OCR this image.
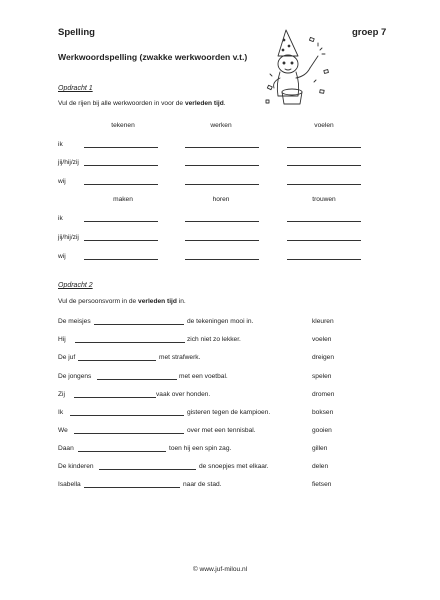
Spelling	groep 7
Werkwoordspelling (zwakke werkwoorden v.t.)
Opdracht 1
Vul de rijen bij alle werkwoorden in voor de verleden tijd.
tekenen	werken	voelen
ik
jij/hij/zij
wij
maken	horen	trouwen
ik
jij/hij/zij
wij
Opdracht 2
Vul de persoonsvorm in de verleden tijd in.
De meisjes	de tekeningen mooi in.	kleuren
Hij	zich niet zo lekker.	voelen
De juf	met strafwerk.	dreigen
De jongens	met een voetbal.	spelen
Zij	vaak over honden.	dromen
Ik	gisteren tegen de kampioen.	boksen
We	over met een tennisbal.	gooien
Daan	toen hij een spin zag.	gillen
De kinderen	de snoepjes met elkaar.	delen
Isabella	naar de stad.	fietsen
© www.juf-milou.nl
